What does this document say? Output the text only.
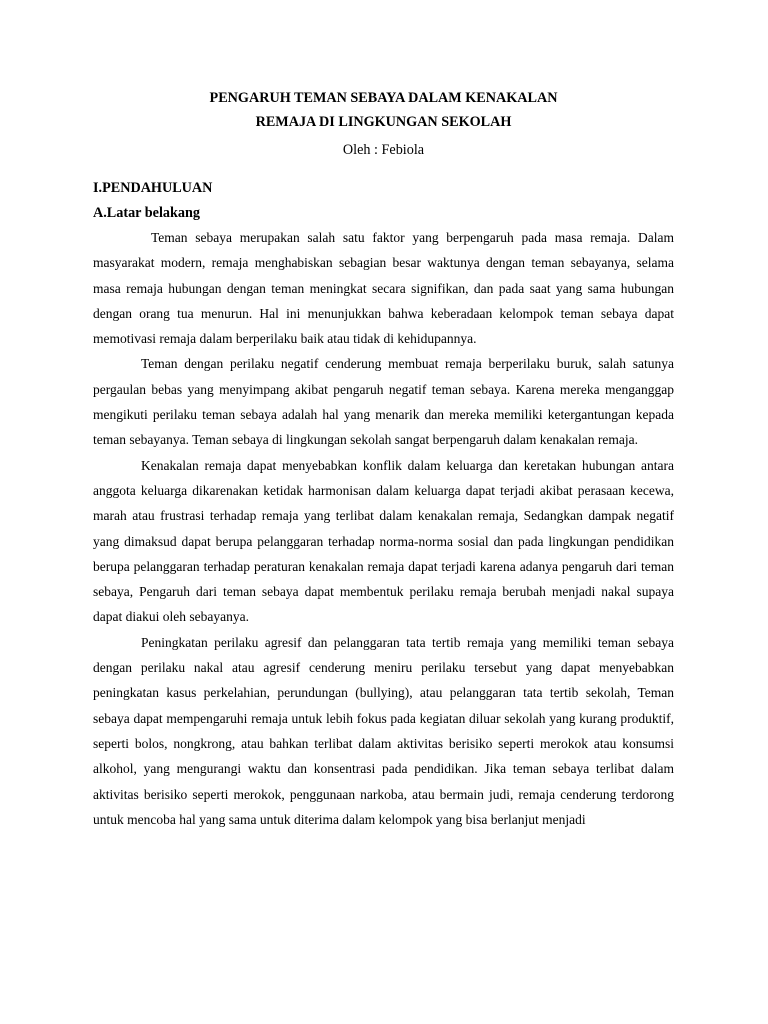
PENGARUH TEMAN SEBAYA DALAM KENAKALAN

REMAJA DI LINGKUNGAN SEKOLAH

Oleh : Febiola

I.PENDAHULUAN

A.Latar belakang

Teman sebaya merupakan salah satu faktor yang berpengaruh pada masa remaja. Dalam masyarakat modern, remaja menghabiskan sebagian besar waktunya dengan teman sebayanya, selama masa remaja hubungan dengan teman meningkat secara signifikan, dan pada saat yang sama hubungan dengan orang tua menurun. Hal ini menunjukkan bahwa keberadaan kelompok teman sebaya dapat memotivasi remaja dalam berperilaku baik atau tidak di kehidupannya.

Teman dengan perilaku negatif cenderung membuat remaja berperilaku buruk, salah satunya pergaulan bebas yang menyimpang akibat pengaruh negatif teman sebaya. Karena mereka menganggap mengikuti perilaku teman sebaya adalah hal yang menarik dan mereka memiliki ketergantungan kepada teman sebayanya. Teman sebaya di lingkungan sekolah sangat berpengaruh dalam kenakalan remaja.

Kenakalan remaja dapat menyebabkan konflik dalam keluarga dan keretakan hubungan antara anggota keluarga dikarenakan ketidak harmonisan dalam keluarga dapat terjadi akibat perasaan kecewa, marah atau frustrasi terhadap remaja yang terlibat dalam kenakalan remaja, Sedangkan dampak negatif yang dimaksud dapat berupa pelanggaran terhadap norma-norma sosial dan pada lingkungan pendidikan berupa pelanggaran terhadap peraturan kenakalan remaja dapat terjadi karena adanya pengaruh dari teman sebaya, Pengaruh dari teman sebaya dapat membentuk perilaku remaja berubah menjadi nakal supaya dapat diakui oleh sebayanya.

Peningkatan perilaku agresif dan pelanggaran tata tertib remaja yang memiliki teman sebaya dengan perilaku nakal atau agresif cenderung meniru perilaku tersebut yang dapat menyebabkan peningkatan kasus perkelahian, perundungan (bullying), atau pelanggaran tata tertib sekolah, Teman sebaya dapat mempengaruhi remaja untuk lebih fokus pada kegiatan diluar sekolah yang kurang produktif, seperti bolos, nongkrong, atau bahkan terlibat dalam aktivitas berisiko seperti merokok atau konsumsi alkohol, yang mengurangi waktu dan konsentrasi pada pendidikan. Jika teman sebaya terlibat dalam aktivitas berisiko seperti merokok, penggunaan narkoba, atau bermain judi, remaja cenderung terdorong untuk mencoba hal yang sama untuk diterima dalam kelompok yang bisa berlanjut menjadi
